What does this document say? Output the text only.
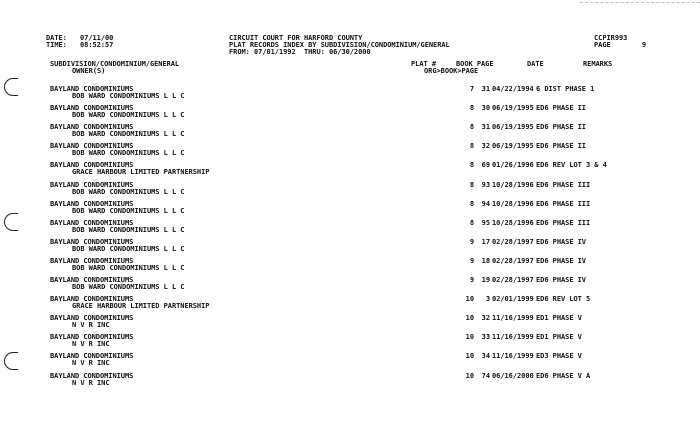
DATE: 07/11/00
TIME: 08:52:57
CIRCUIT COURT FOR HARFORD COUNTY
PLAT RECORDS INDEX BY SUBDIVISION/CONDOMINIUM/GENERAL
FROM: 07/01/1992  THRU: 06/30/2000
CCPIR993
PAGE	9
SUBDIVISION/CONDOMINIUM/GENERAL
OWNER(S)
PLAT #	BOOK PAGE
ORG>BOOK>PAGE
DATE	REMARKS
BAYLAND CONDOMINIUMS
BOB WARD CONDOMINIUMS L L C
7	31 04/22/1994 6 DIST PHASE 1
BAYLAND CONDOMINIUMS
BOB WARD CONDOMINIUMS L L C
8	30 06/19/1995 ED6 PHASE II
BAYLAND CONDOMINIUMS
BOB WARD CONDOMINIUMS L L C
8	31 06/19/1995 ED6 PHASE II
BAYLAND CONDOMINIUMS
BOB WARD CONDOMINIUMS L L C
8	32 06/19/1995 ED6 PHASE II
BAYLAND CONDOMINIUMS
GRACE HARBOUR LIMITED PARTNERSHIP
8	69 01/26/1996 ED6 REV LOT 3 & 4
BAYLAND CONDOMINIUMS
BOB WARD CONDOMINIUMS L L C
8	93 10/28/1996 ED6 PHASE III
BAYLAND CONDOMINIUMS
BOB WARD CONDOMINIUMS L L C
8	94 10/28/1996 ED6 PHASE III
BAYLAND CONDOMINIUMS
BOB WARD CONDOMINIUMS L L C
8	95 10/28/1996 ED6 PHASE III
BAYLAND CONDOMINIUMS
BOB WARD CONDOMINIUMS L L C
9	17 02/28/1997 ED6 PHASE IV
BAYLAND CONDOMINIUMS
BOB WARD CONDOMINIUMS L L C
9	18 02/28/1997 ED6 PHASE IV
BAYLAND CONDOMINIUMS
BOB WARD CONDOMINIUMS L L C
9	19 02/28/1997 ED6 PHASE IV
BAYLAND CONDOMINIUMS
GRACE HARBOUR LIMITED PARTNERSHIP
10	3 02/01/1999 ED6 REV LOT 5
BAYLAND CONDOMINIUMS
N V R INC
10	32 11/16/1999 ED1 PHASE V
BAYLAND CONDOMINIUMS
N V R INC
10	33 11/16/1999 ED1 PHASE V
BAYLAND CONDOMINIUMS
N V R INC
10	34 11/16/1999 ED3 PHASE V
BAYLAND CONDOMINIUMS
N V R INC
10	74 06/16/2000 ED6 PHASE V A
